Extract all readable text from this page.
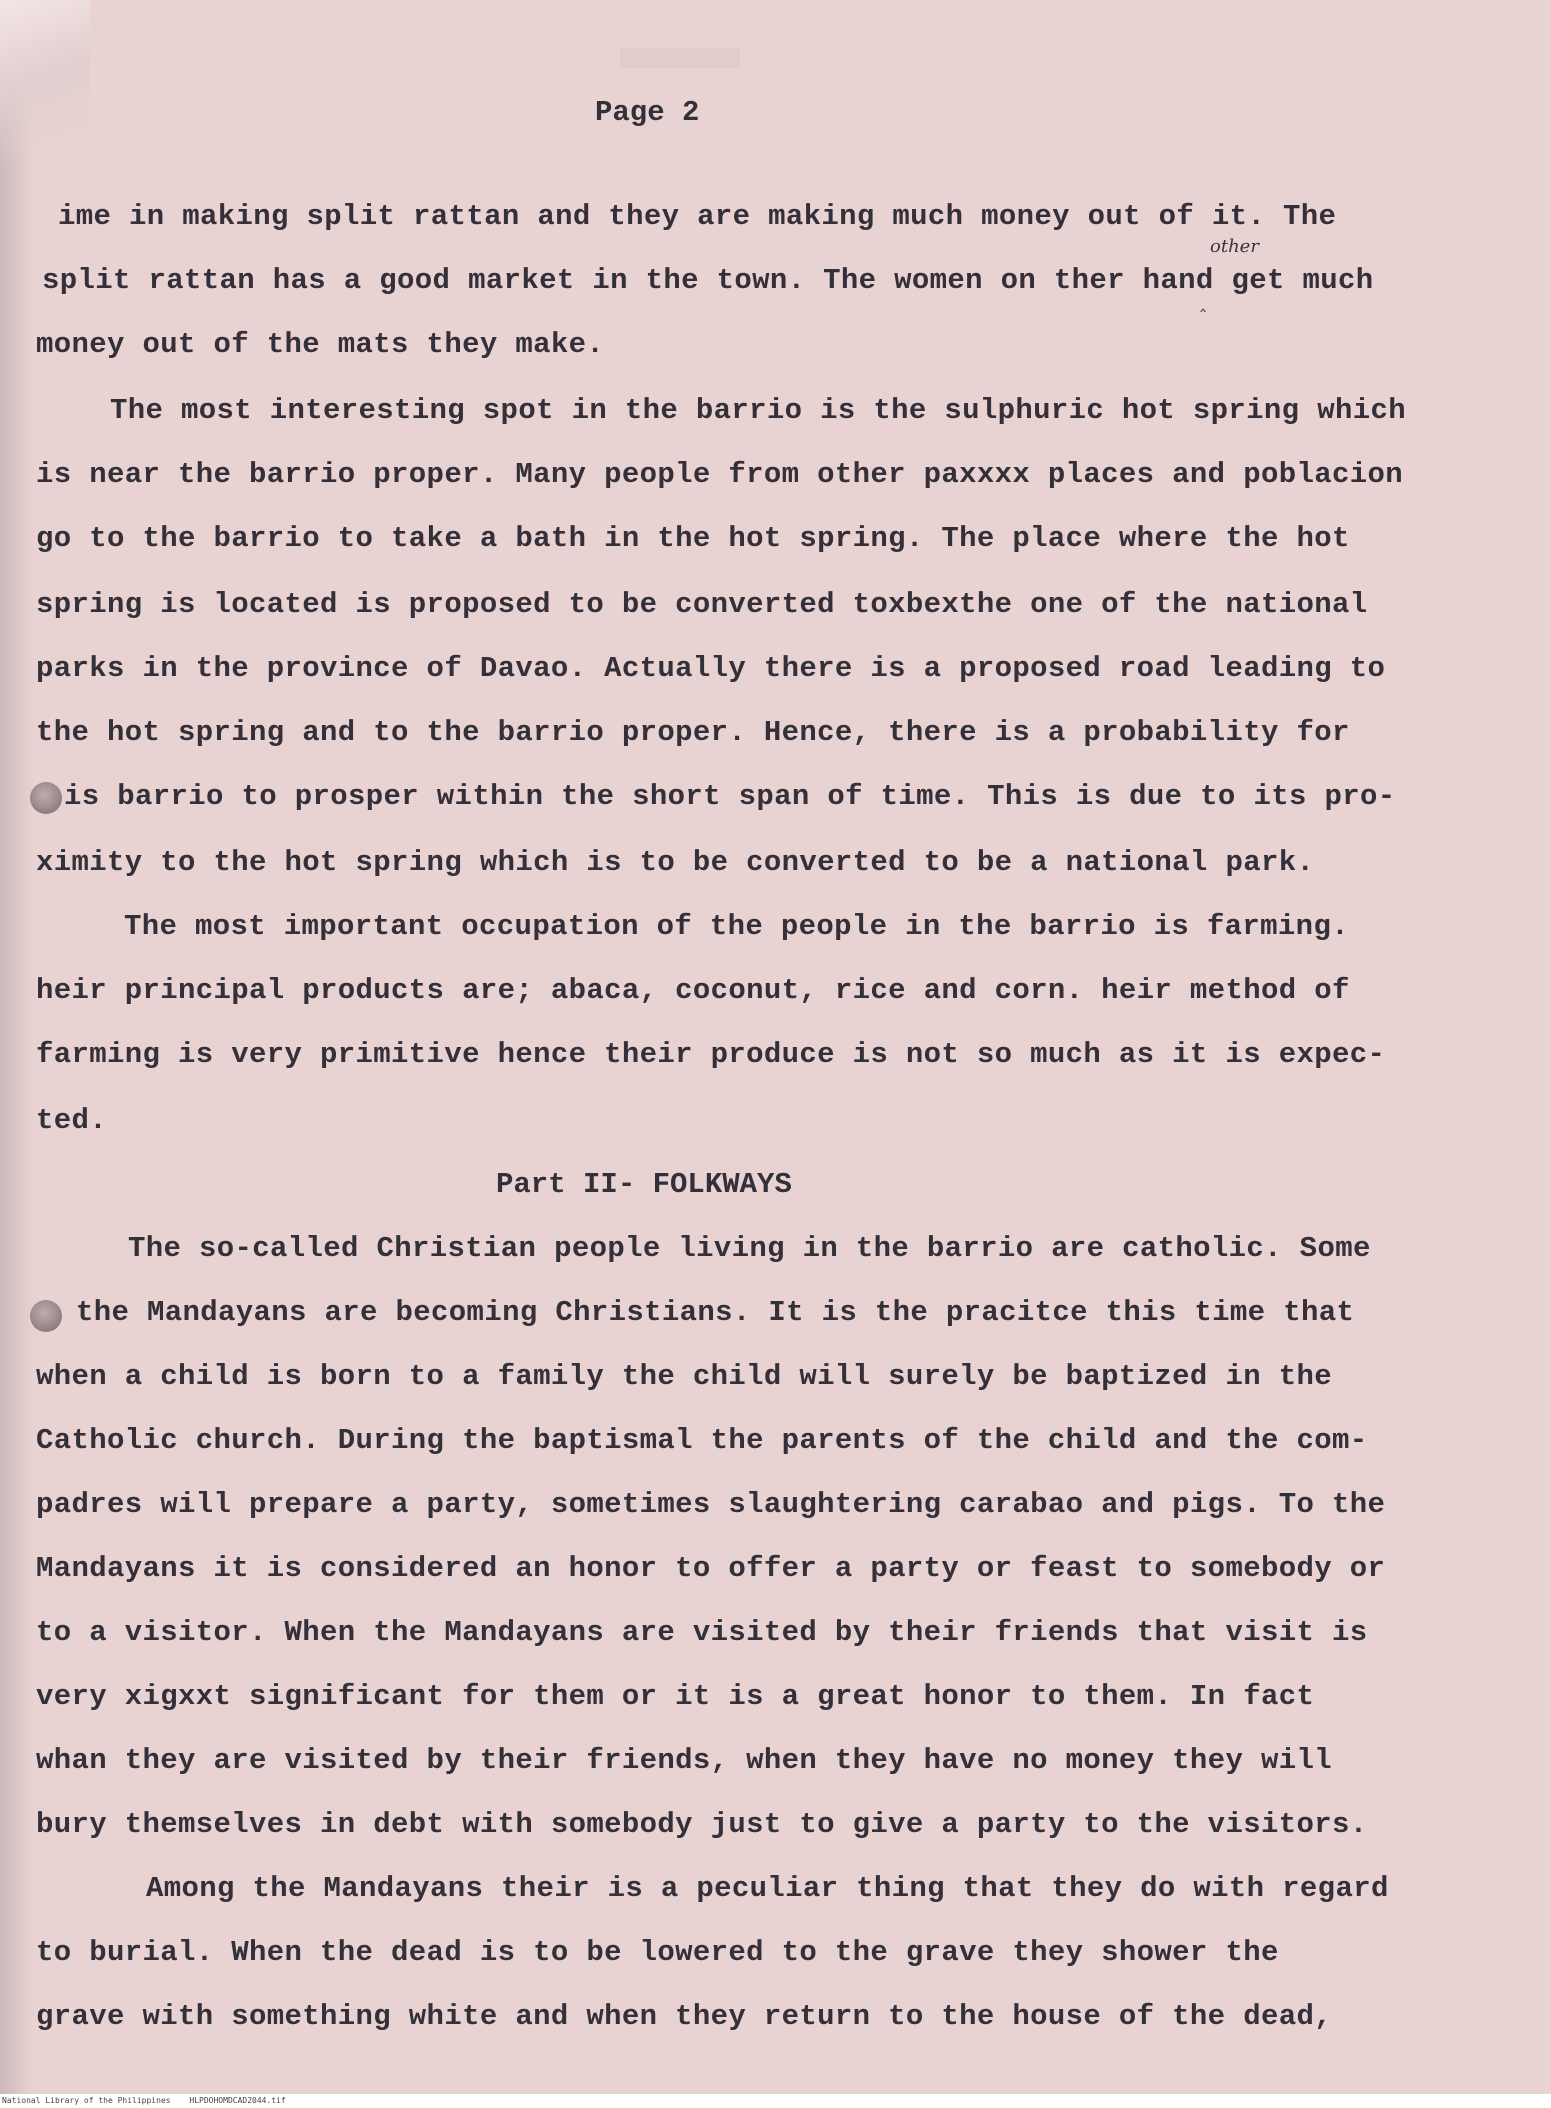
Page 2

ime in making split rattan and they are making much money out of it. The

split rattan has a good market in the town. The women on ther hand get much

money out of the mats they make.

The most interesting spot in the barrio is the sulphuric hot spring which

is near the barrio proper. Many people from other paxxxx places and poblacion

go to the barrio to take a bath in the hot spring. The place where the hot

spring is located is proposed to be converted toxbexthe one of the national

parks in the province of Davao. Actually there is a proposed road leading to

the hot spring and to the barrio proper. Hence, there is a probability for

is barrio to prosper within the short span of time. This is due to its pro-

ximity to the hot spring which is to be converted to be a national park.

The most important occupation of the people in the barrio is farming.

heir principal products are; abaca, coconut, rice and corn. heir method of

farming is very primitive hence their produce is not so much as it is expec-

ted.

Part II- FOLKWAYS

The so-called Christian people living in the barrio are catholic. Some

the Mandayans are becoming Christians. It is the pracitce this time that

when a child is born to a family the child will surely be baptized in the

Catholic church. During the baptismal the parents of the child and the com-

padres will prepare a party, sometimes slaughtering carabao and pigs. To the

Mandayans it is considered an honor to offer a party or feast to somebody or

to a visitor. When the Mandayans are visited by their friends that visit is

very xigxxt significant for them or it is a great honor to them. In fact

whan they are visited by their friends, when they have no money they will

bury themselves in debt with somebody just to give a party to the visitors.

Among the Mandayans their is a peculiar thing that they do with regard

to burial. When the dead is to be lowered to the grave they shower the

grave with something white and when they return to the house of the dead,

other
‸
National Library of the Philippines HLPDOHOMDCAD2044.tif
